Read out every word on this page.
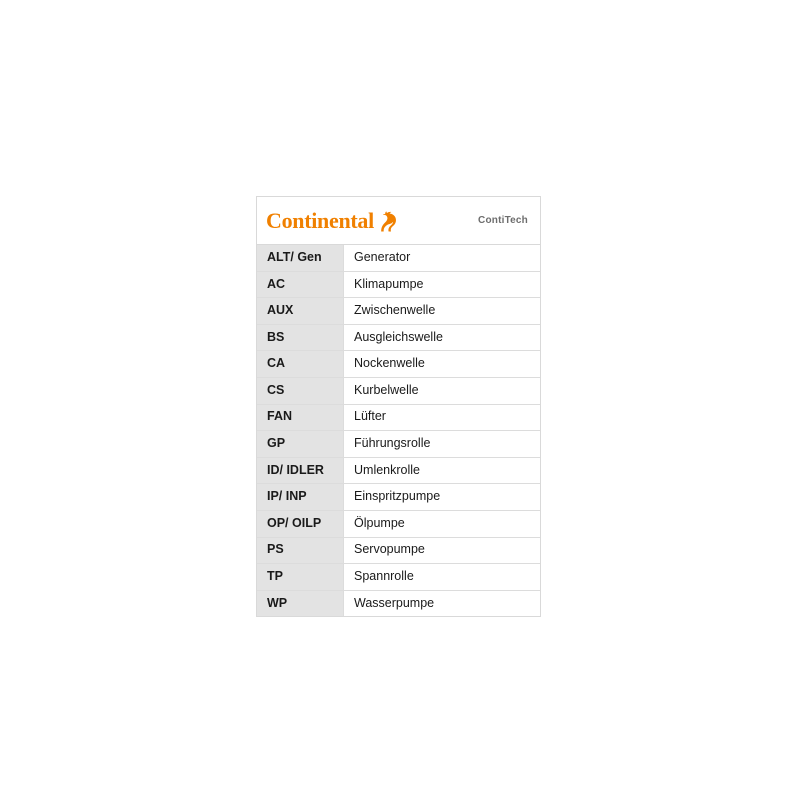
Continental	ContiTech
ALT/ Gen	Generator
AC	Klimapumpe
AUX	Zwischenwelle
BS	Ausgleichswelle
CA	Nockenwelle
CS	Kurbelwelle
FAN	Lüfter
GP	Führungsrolle
ID/ IDLER	Umlenkrolle
IP/ INP	Einspritzpumpe
OP/ OILP	Ölpumpe
PS	Servopumpe
TP	Spannrolle
WP	Wasserpumpe
